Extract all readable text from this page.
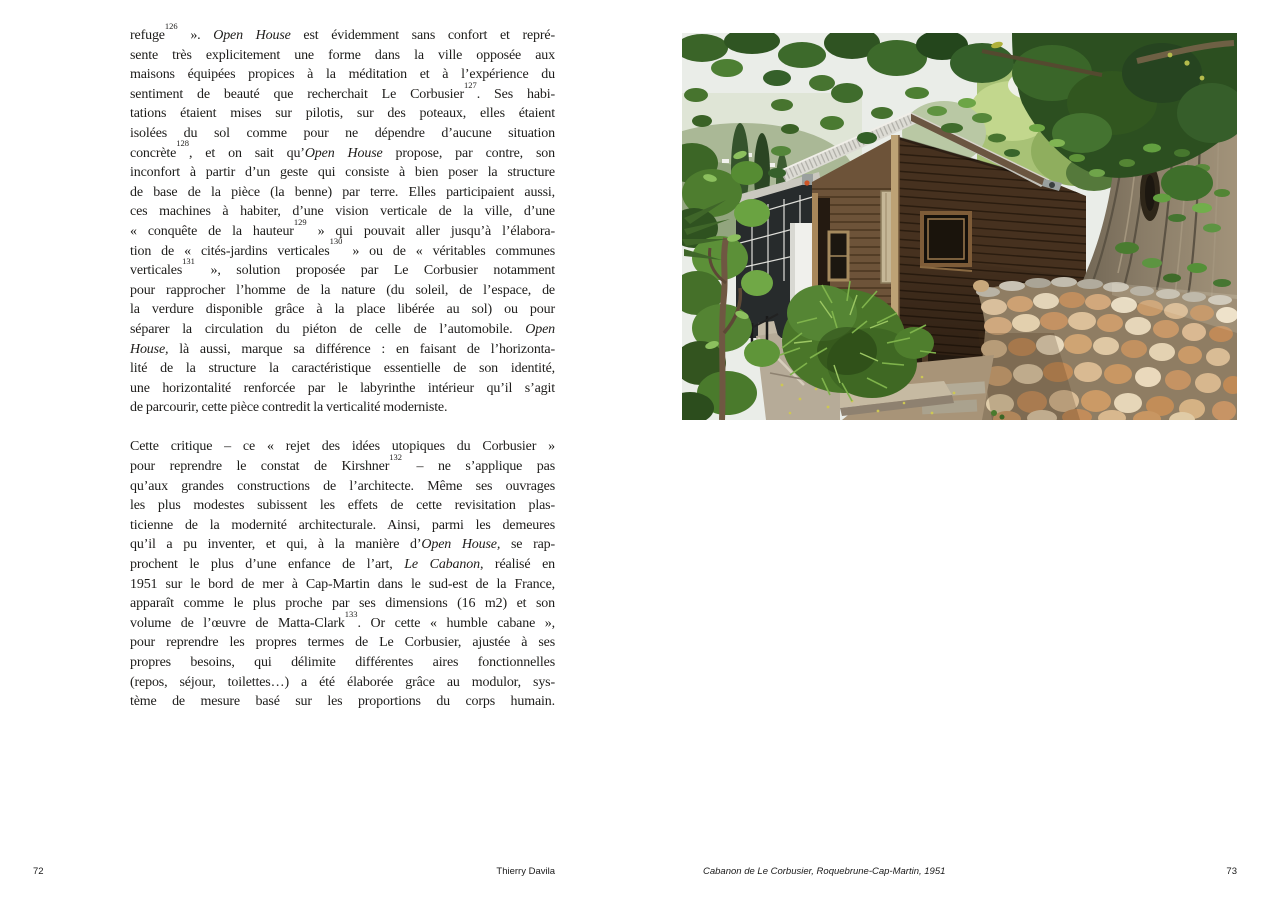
refuge$^{126}$ ». Open House est évidemment sans confort et repré-
sente très explicitement une forme dans la ville opposée aux
maisons équipées propices à la méditation et à l’expérience du
sentiment de beauté que recherchait Le Corbusier$^{127}$. Ses habi-
tations étaient mises sur pilotis, sur des poteaux, elles étaient
isolées du sol comme pour ne dépendre d’aucune situation
concrète$^{128}$, et on sait qu’Open House propose, par contre, son
inconfort à partir d’un geste qui consiste à bien poser la structure
de base de la pièce (la benne) par terre. Elles participaient aussi,
ces machines à habiter, d’une vision verticale de la ville, d’une
« conquête de la hauteur$^{129}$ » qui pouvait aller jusqu’à l’élabora-
tion de « cités-jardins verticales$^{130}$ » ou de « véritables communes
verticales$^{131}$ », solution proposée par Le Corbusier notamment
pour rapprocher l’homme de la nature (du soleil, de l’espace, de
la verdure disponible grâce à la place libérée au sol) ou pour
séparer la circulation du piéton de celle de l’automobile. Open
House, là aussi, marque sa différence : en faisant de l’horizonta-
lité de la structure la caractéristique essentielle de son identité,
une horizontalité renforcée par le labyrinthe intérieur qu’il s’agit
de parcourir, cette pièce contredit la verticalité moderniste.
Cette critique – ce « rejet des idées utopiques du Corbusier »
pour reprendre le constat de Kirshner$^{132}$ – ne s’applique pas
qu’aux grandes constructions de l’architecte. Même ses ouvrages
les plus modestes subissent les effets de cette revisitation plas-
ticienne de la modernité architecturale. Ainsi, parmi les demeures
qu’il a pu inventer, et qui, à la manière d’Open House, se rap-
prochent le plus d’une enfance de l’art, Le Cabanon, réalisé en
1951 sur le bord de mer à Cap-Martin dans le sud-est de la France,
apparaît comme le plus proche par ses dimensions (16 m2) et son
volume de l’œuvre de Matta-Clark$^{133}$. Or cette « humble cabane »,
pour reprendre les propres termes de Le Corbusier, ajustée à ses
propres besoins, qui délimite différentes aires fonctionnelles
(repos, séjour, toilettes…) a été élaborée grâce au modulor, sys-
tème de mesure basé sur les proportions du corps humain.
72	Thierry Davila	Cabanon de Le Corbusier, Roquebrune-Cap-Martin, 1951	73
